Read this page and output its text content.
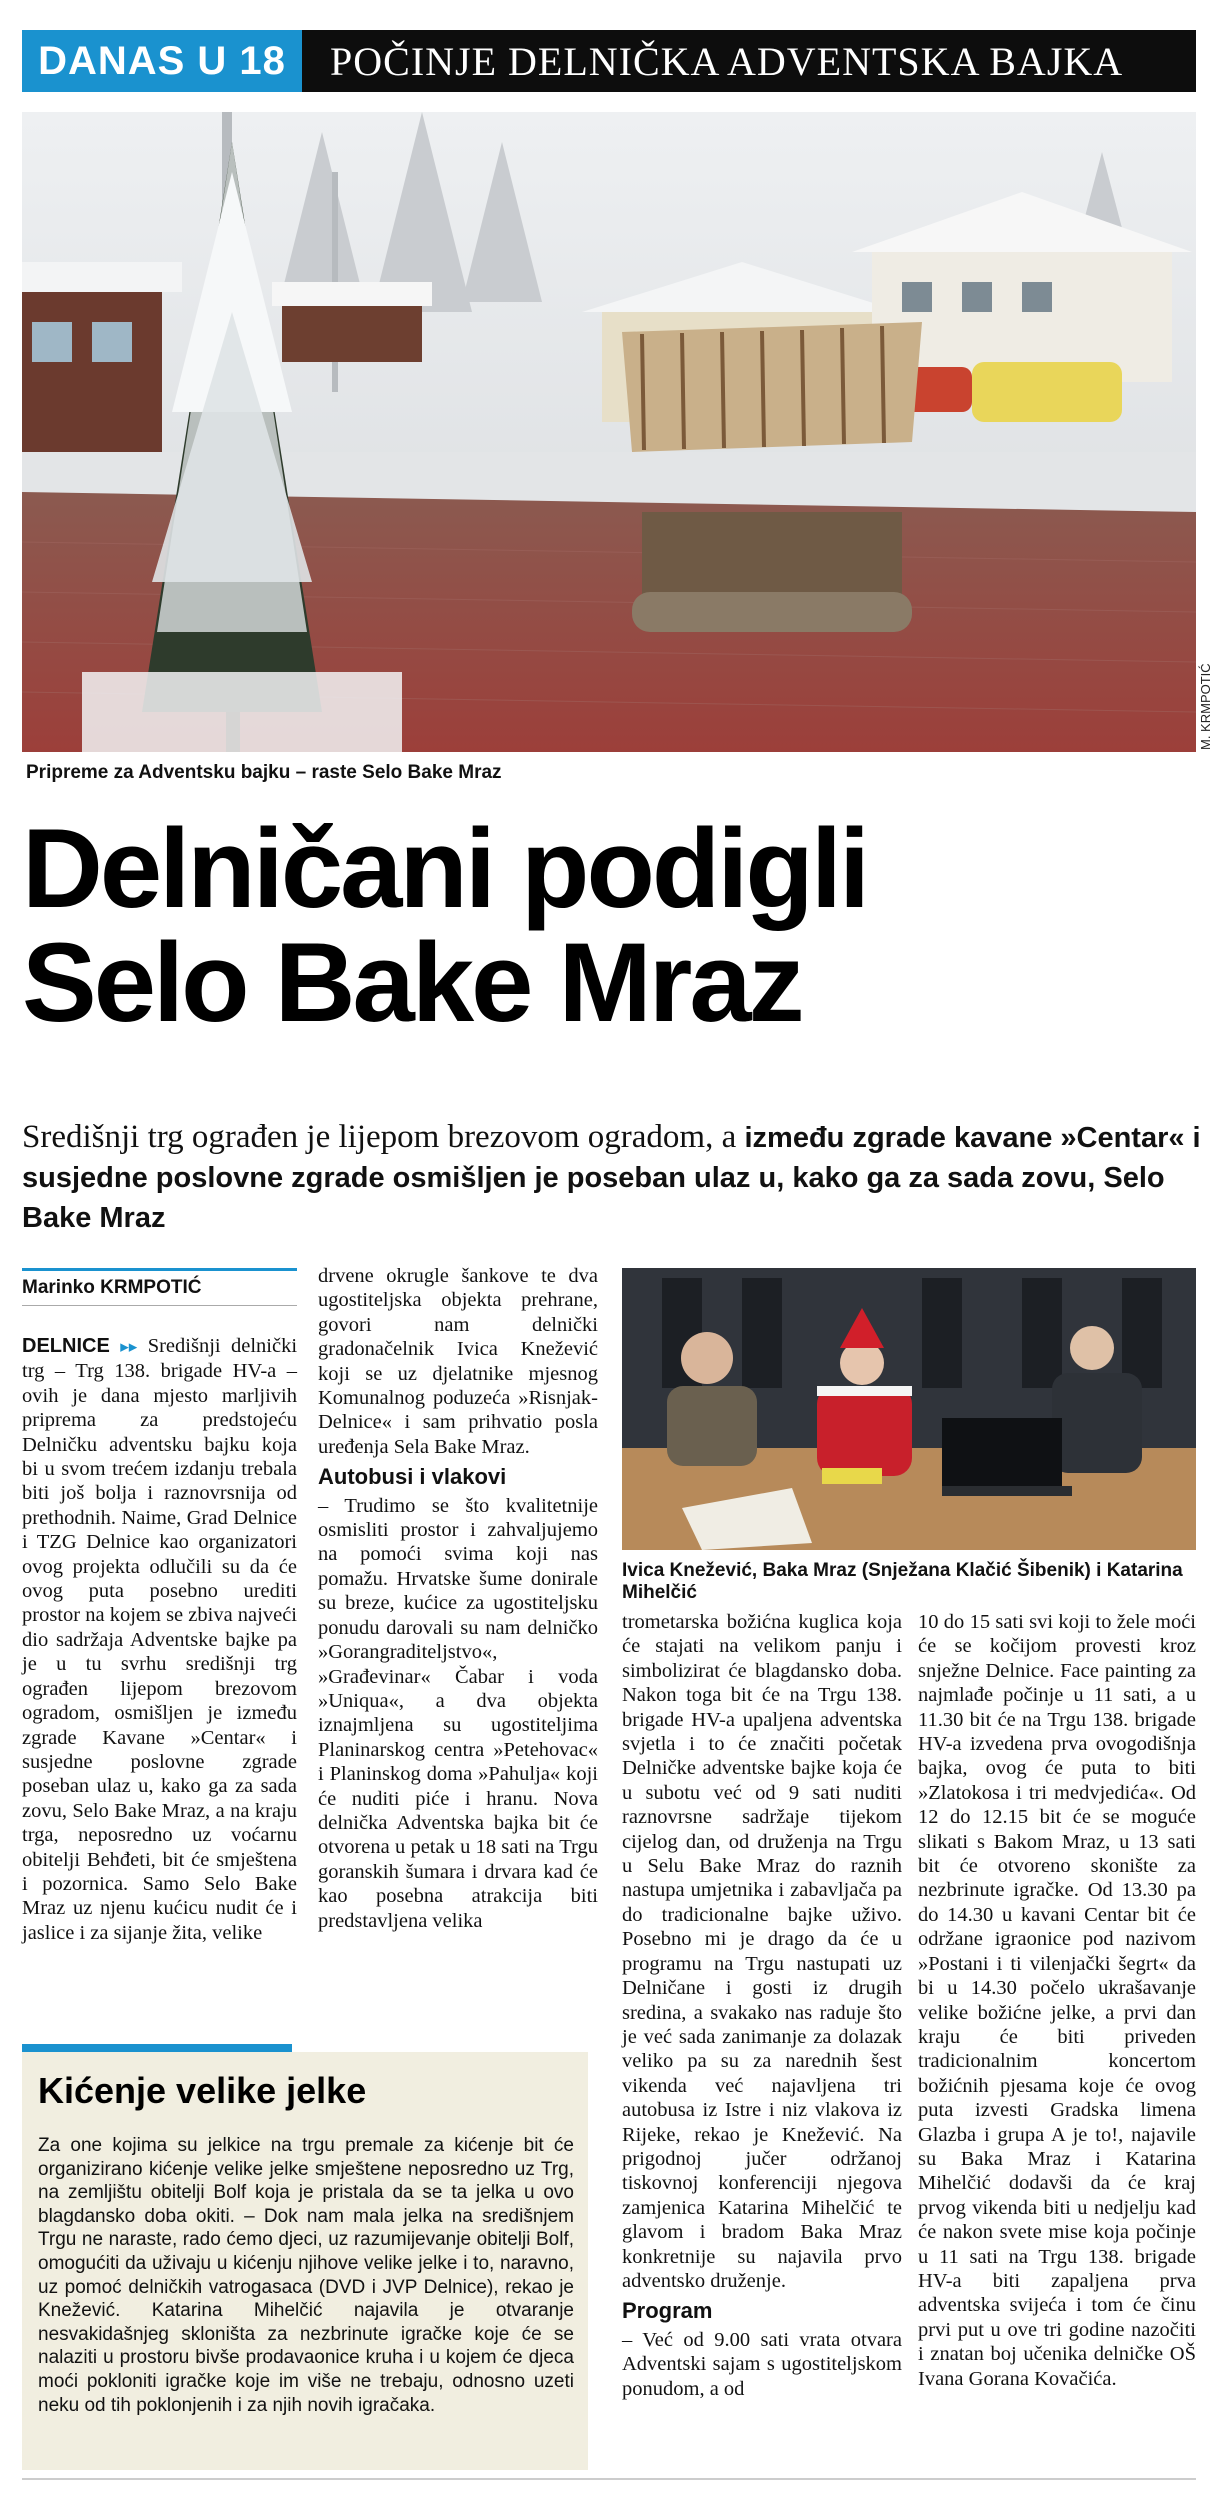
DANAS U 18	POČINJE DELNIČKA ADVENTSKA BAJKA
M. KRMPOTIĆ
Pripreme za Adventsku bajku – raste Selo Bake Mraz
Delničani podigli
Selo Bake Mraz
Središnji trg ograđen je lijepom brezovom ogradom, a između zgrade kavane »Centar« i susjedne poslovne zgrade osmišljen je poseban ulaz u, kako ga za sada zovu, Selo Bake Mraz
Marinko KRMPOTIĆ

DELNICE ▸▸ Središnji delnički trg – Trg 138. brigade HV-a – ovih je dana mjesto marljivih priprema za predstojeću Delničku adventsku bajku koja bi u svom trećem izdanju trebala biti još bolja i raznovrsnija od prethodnih. Naime, Grad Delnice i TZG Delnice kao organizatori ovog projekta odlučili su da će ovog puta posebno urediti prostor na kojem se zbiva najveći dio sadržaja Adventske bajke pa je u tu svrhu središnji trg ograđen lijepom brezovom ogradom, osmišljen je između zgrade Kavane »Centar« i susjedne poslovne zgrade poseban ulaz u, kako ga za sada zovu, Selo Bake Mraz, a na kraju trga, neposredno uz voćarnu obitelji Behđeti, bit će smještena i pozornica. Samo Selo Bake Mraz uz njenu kućicu nudit će i jaslice i za sijanje žita, velike

drvene okrugle šankove te dva ugostiteljska objekta prehrane, govori nam delnički gradonačelnik Ivica Knežević koji se uz djelatnike mjesnog Komunalnog poduzeća »Risnjak-Delnice« i sam prihvatio posla uređenja Sela Bake Mraz.

Autobusi i vlakovi

– Trudimo se što kvalitetnije osmisliti prostor i zahvaljujemo na pomoći svima koji nas pomažu. Hrvatske šume donirale su breze, kućice za ugostiteljsku ponudu darovali su nam delničko »Gorangraditeljstvo«, »Građevinar« Čabar i voda »Uniqua«, a dva objekta iznajmljena su ugostiteljima Planinarskog centra »Petehovac« i Planinskog doma »Pahulja« koji će nuditi piće i hranu. Nova delnička Adventska bajka bit će otvorena u petak u 18 sati na Trgu goranskih šumara i drvara kad će kao posebna atrakcija biti predstavljena velika

Ivica Knežević, Baka Mraz (Snježana Klačić Šibenik) i Katarina Mihelčić

trometarska božićna kuglica koja će stajati na velikom panju i simbolizirat će blagdansko doba. Nakon toga bit će na Trgu 138. brigade HV-a upaljena adventska svjetla i to će značiti početak Delničke adventske bajke koja će u subotu već od 9 sati nuditi raznovrsne sadržaje tijekom cijelog dan, od druženja na Trgu u Selu Bake Mraz do raznih nastupa umjetnika i zabavljača pa do tradicionalne bajke uživo. Posebno mi je drago da će u programu na Trgu nastupati uz Delničane i gosti iz drugih sredina, a svakako nas raduje što je već sada zanimanje za dolazak veliko pa su za narednih šest vikenda već najavljena tri autobusa iz Istre i niz vlakova iz Rijeke, rekao je Knežević. Na prigodnoj jučer održanoj tiskovnoj konferenciji njegova zamjenica Katarina Mihelčić te glavom i bradom Baka Mraz konkretnije su najavila prvo adventsko druženje.

Program

– Već od 9.00 sati vrata otvara Adventski sajam s ugostiteljskom ponudom, a od

10 do 15 sati svi koji to žele moći će se kočijom provesti kroz snježne Delnice. Face painting za najmlađe počinje u 11 sati, a u 11.30 bit će na Trgu 138. brigade HV-a izvedena prva ovogodišnja bajka, ovog će puta to biti »Zlatokosa i tri medvjedića«. Od 12 do 12.15 bit će se moguće slikati s Bakom Mraz, u 13 sati bit će otvoreno skonište za nezbrinute igračke. Od 13.30 pa do 14.30 u kavani Centar bit će održane igraonice pod nazivom »Postani i ti vilenjački šegrt« da bi u 14.30 počelo ukrašavanje velike božićne jelke, a prvi dan kraju će biti priveden tradicionalnim koncertom božićnih pjesama koje će ovog puta izvesti Gradska limena Glazba i grupa A je to!, najavile su Baka Mraz i Katarina Mihelčić dodavši da će kraj prvog vikenda biti u nedjelju kad će nakon svete mise koja počinje u 11 sati na Trgu 138. brigade HV-a biti zapaljena prva adventska svijeća i tom će činu prvi put u ove tri godine nazočiti i znatan boj učenika delničke OŠ Ivana Gorana Kovačića.

Kićenje velike jelke
Za one kojima su jelkice na trgu premale za kićenje bit će organizirano kićenje velike jelke smještene neposredno uz Trg, na zemljištu obitelji Bolf koja je pristala da se ta jelka u ovo blagdansko doba okiti. – Dok nam mala jelka na središnjem Trgu ne naraste, rado ćemo djeci, uz razumijevanje obitelji Bolf, omogućiti da uživaju u kićenju njihove velike jelke i to, naravno, uz pomoć delničkih vatrogasaca (DVD i JVP Delnice), rekao je Knežević. Katarina Mihelčić najavila je otvaranje nesvakidašnjeg skloništa za nezbrinute igračke koje će se nalaziti u prostoru bivše prodavaonice kruha i u kojem će djeca moći pokloniti igračke koje im više ne trebaju, odnosno uzeti neku od tih poklonjenih i za njih novih igračaka.
